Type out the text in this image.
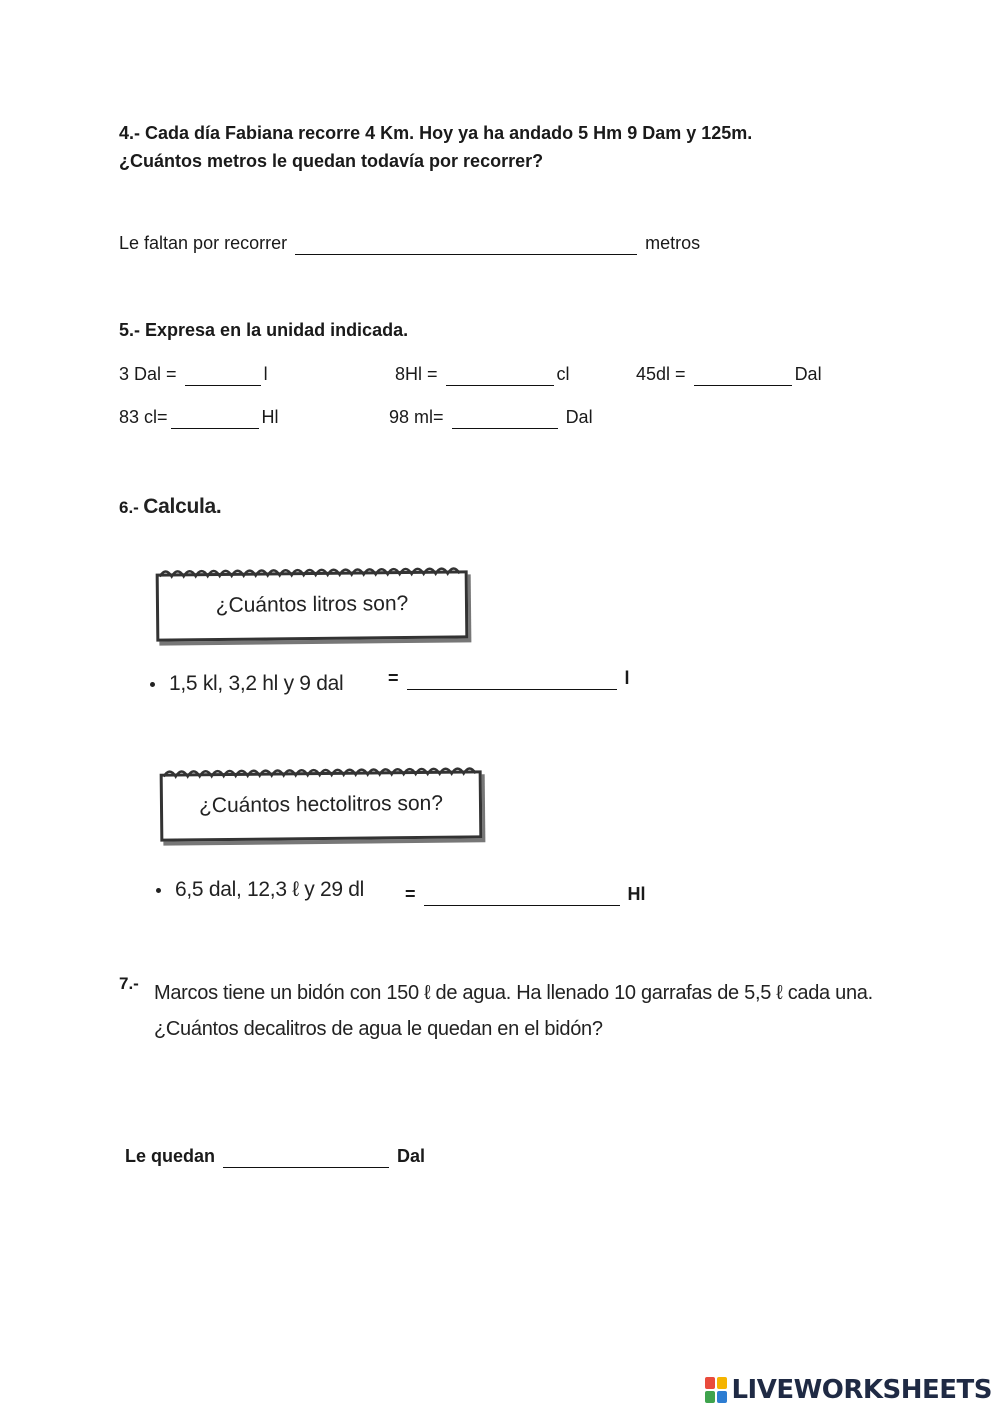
4.- Cada día Fabiana recorre 4 Km. Hoy ya ha andado 5 Hm 9 Dam y 125m.
¿Cuántos metros le quedan todavía por recorrer?
Le faltan por recorrer	metros
5.- Expresa en la unidad indicada.
3 Dal =	l	8Hl =	cl	45dl =	Dal
83 cl=	Hl	98 ml=	Dal
6.- Calcula.
¿Cuántos litros son?
1,5 kl, 3,2 hl y 9 dal =	l
¿Cuántos hectolitros son?
6,5 dal, 12,3 ℓ y 29 dl =	Hl
7.- Marcos tiene un bidón con 150 ℓ de agua. Ha llenado 10 garrafas de 5,5 ℓ cada una.
¿Cuántos decalitros de agua le quedan en el bidón?
Le quedan	Dal
LIVEWORKSHEETS
